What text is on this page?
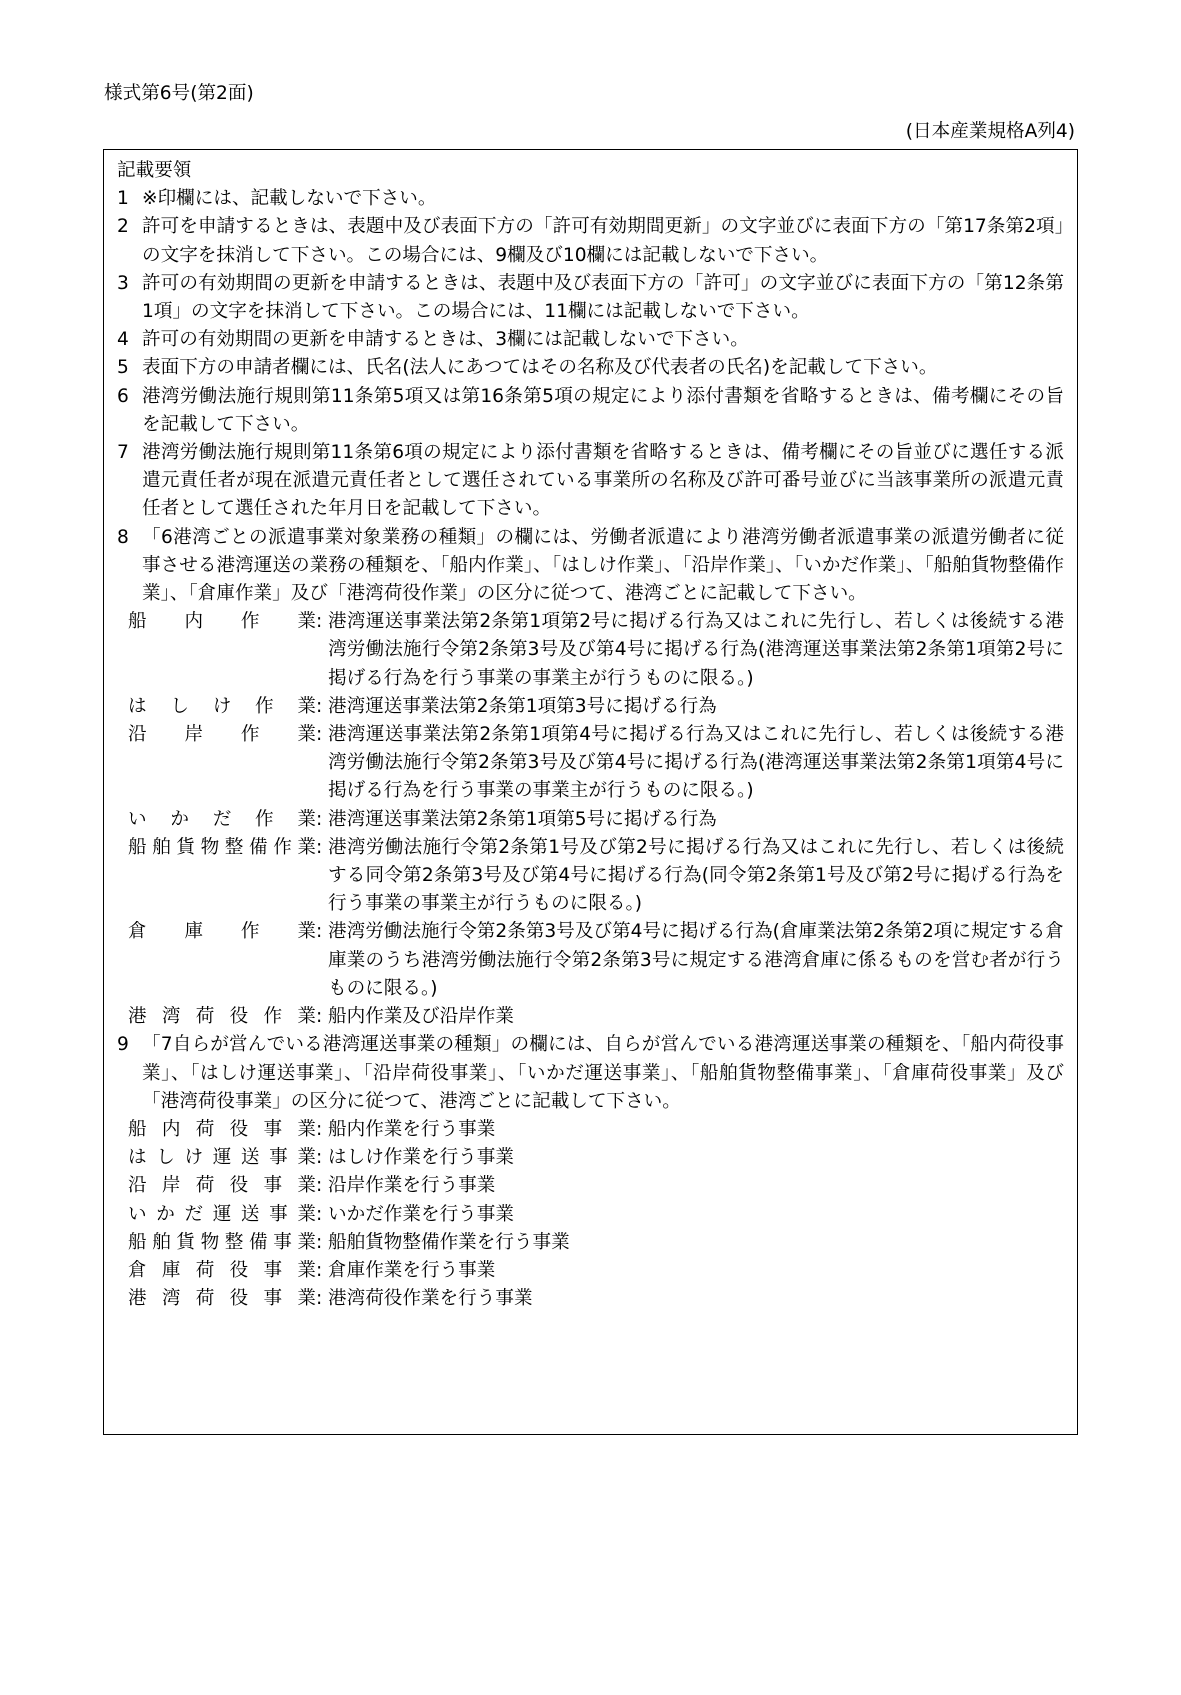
様式第6号(第2面)
(日本産業規格A列4)

記載要領

1 ※印欄には、記載しないで下さい。
2 許可を申請するときは、表題中及び表面下方の「許可有効期間更新」の文字並びに表面下方の「第17条第2項」の文字を抹消して下さい。この場合には、9欄及び10欄には記載しないで下さい。
3 許可の有効期間の更新を申請するときは、表題中及び表面下方の「許可」の文字並びに表面下方の「第12条第1項」の文字を抹消して下さい。この場合には、11欄には記載しないで下さい。
4 許可の有効期間の更新を申請するときは、3欄には記載しないで下さい。
5 表面下方の申請者欄には、氏名(法人にあつてはその名称及び代表者の氏名)を記載して下さい。
6 港湾労働法施行規則第11条第5項又は第16条第5項の規定により添付書類を省略するときは、備考欄にその旨を記載して下さい。
7 港湾労働法施行規則第11条第6項の規定により添付書類を省略するときは、備考欄にその旨並びに選任する派遣元責任者が現在派遣元責任者として選任されている事業所の名称及び許可番号並びに当該事業所の派遣元責任者として選任された年月日を記載して下さい。
8 「6港湾ごとの派遣事業対象業務の種類」の欄には、労働者派遣により港湾労働者派遣事業の派遣労働者に従事させる港湾運送の業務の種類を、「船内作業」、「はしけ作業」、「沿岸作業」、「いかだ作業」、「船舶貨物整備作業」、「倉庫作業」及び「港湾荷役作業」の区分に従つて、港湾ごとに記載して下さい。
船内作業 : 港湾運送事業法第2条第1項第2号に掲げる行為又はこれに先行し、若しくは後続する港湾労働法施行令第2条第3号及び第4号に掲げる行為(港湾運送事業法第2条第1項第2号に掲げる行為を行う事業の事業主が行うものに限る。)
はしけ作業 : 港湾運送事業法第2条第1項第3号に掲げる行為
沿岸作業 : 港湾運送事業法第2条第1項第4号に掲げる行為又はこれに先行し、若しくは後続する港湾労働法施行令第2条第3号及び第4号に掲げる行為(港湾運送事業法第2条第1項第4号に掲げる行為を行う事業の事業主が行うものに限る。)
いかだ作業 : 港湾運送事業法第2条第1項第5号に掲げる行為
船舶貨物整備作業 : 港湾労働法施行令第2条第1号及び第2号に掲げる行為又はこれに先行し、若しくは後続する同令第2条第3号及び第4号に掲げる行為(同令第2条第1号及び第2号に掲げる行為を行う事業の事業主が行うものに限る。)
倉庫作業 : 港湾労働法施行令第2条第3号及び第4号に掲げる行為(倉庫業法第2条第2項に規定する倉庫業のうち港湾労働法施行令第2条第3号に規定する港湾倉庫に係るものを営む者が行うものに限る。)
港湾荷役作業 : 船内作業及び沿岸作業
9 「7自らが営んでいる港湾運送事業の種類」の欄には、自らが営んでいる港湾運送事業の種類を、「船内荷役事業」、「はしけ運送事業」、「沿岸荷役事業」、「いかだ運送事業」、「船舶貨物整備事業」、「倉庫荷役事業」及び「港湾荷役事業」の区分に従つて、港湾ごとに記載して下さい。
船内荷役事業 : 船内作業を行う事業
はしけ運送事業 : はしけ作業を行う事業
沿岸荷役事業 : 沿岸作業を行う事業
いかだ運送事業 : いかだ作業を行う事業
船舶貨物整備事業 : 船舶貨物整備作業を行う事業
倉庫荷役事業 : 倉庫作業を行う事業
港湾荷役事業 : 港湾荷役作業を行う事業
